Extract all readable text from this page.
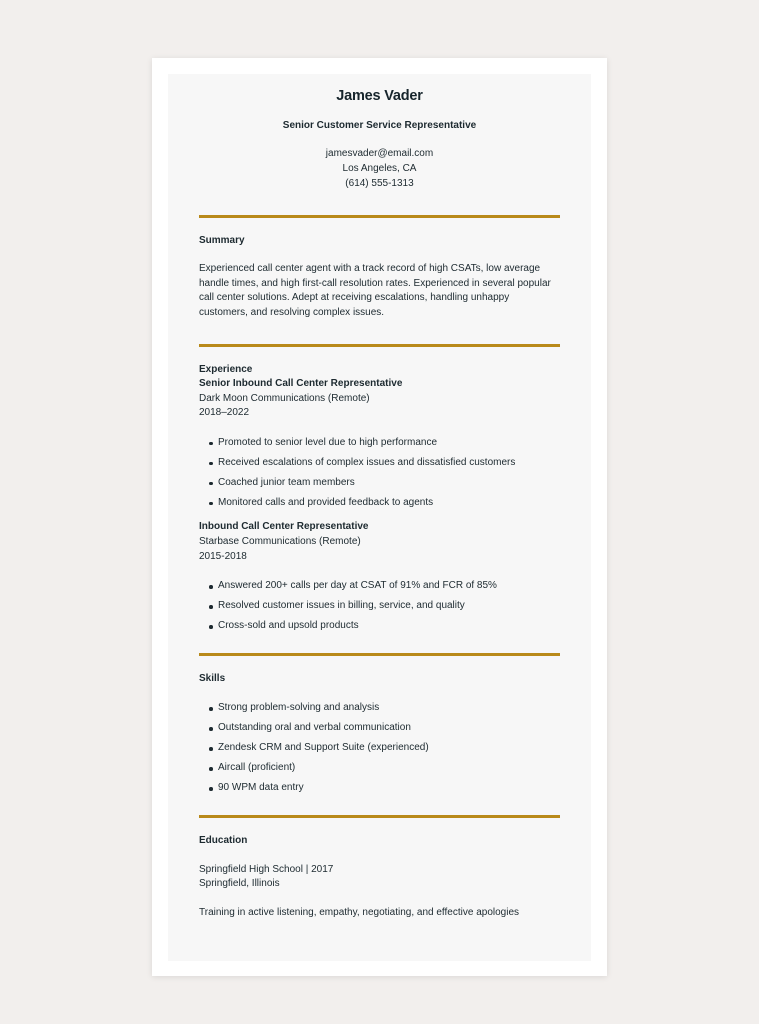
James Vader
Senior Customer Service Representative
jamesvader@email.com
Los Angeles, CA
(614) 555-1313
Summary
Experienced call center agent with a track record of high CSATs, low average handle times, and high first-call resolution rates. Experienced in several popular call center solutions. Adept at receiving escalations, handling unhappy customers, and resolving complex issues.
Experience
Senior Inbound Call Center Representative
Dark Moon Communications (Remote)
2018–2022
Promoted to senior level due to high performance
Received escalations of complex issues and dissatisfied customers
Coached junior team members
Monitored calls and provided feedback to agents
Inbound Call Center Representative
Starbase Communications (Remote)
2015-2018
Answered 200+ calls per day at CSAT of 91% and FCR of 85%
Resolved customer issues in billing, service, and quality
Cross-sold and upsold products
Skills
Strong problem-solving and analysis
Outstanding oral and verbal communication
Zendesk CRM and Support Suite (experienced)
Aircall (proficient)
90 WPM data entry
Education
Springfield High School | 2017
Springfield, Illinois
Training in active listening, empathy, negotiating, and effective apologies
